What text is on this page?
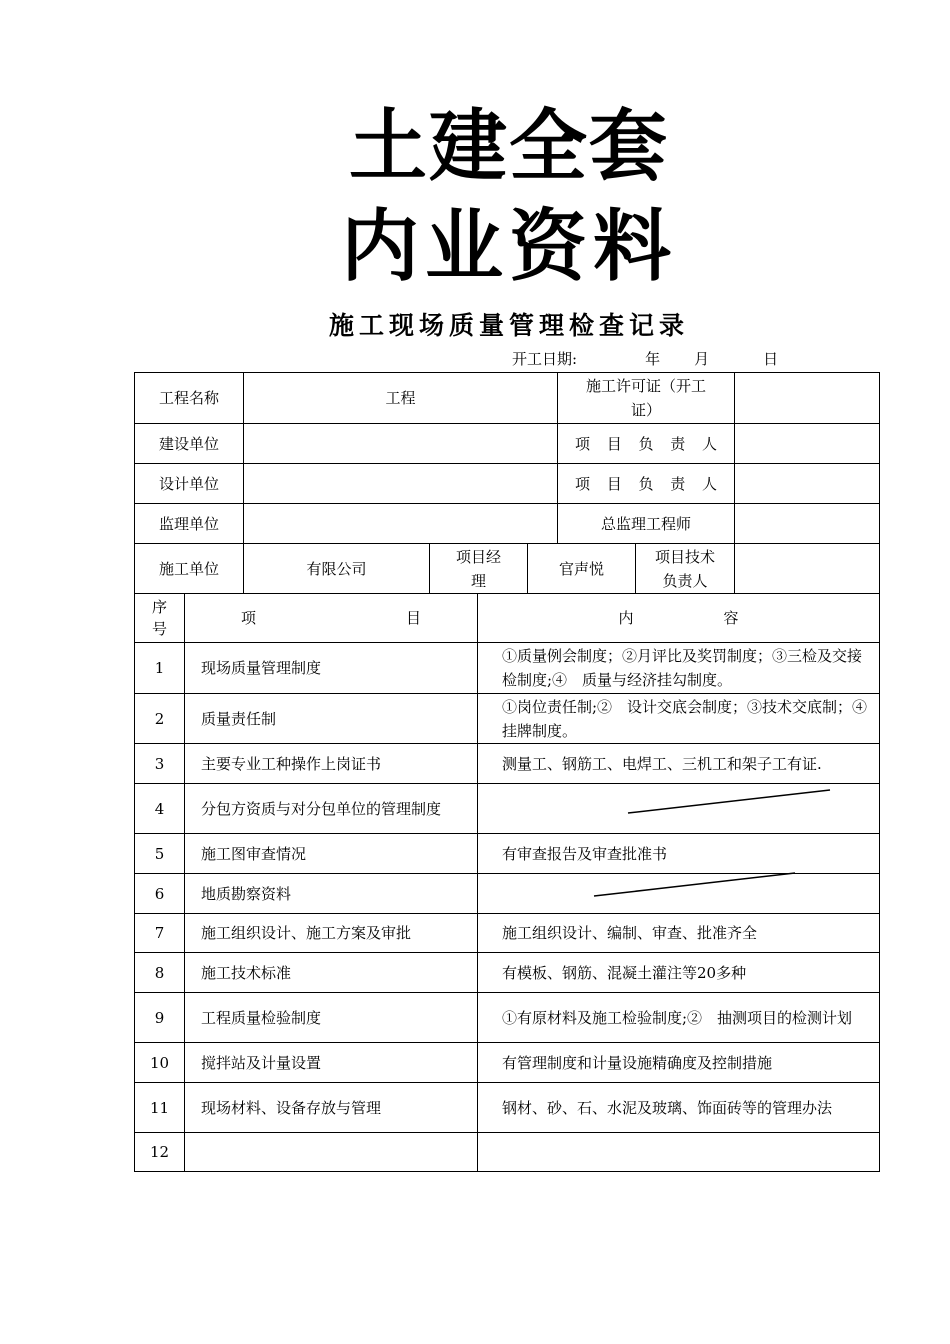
土建全套
内业资料
施工现场质量管理检查记录
开工日期:	年 月	日
工程名称	工程			施工许可证（开工证）		
建设单位				项 目 负 责 人		
设计单位				项 目 负 责 人		
监理单位				总监理工程师		
施工单位	有限公司	项目经理	官声悦		项目技术负责人	
序号	项　　　　　　　　　　目	内　　　　　　容
1	现场质量管理制度	①质量例会制度；②月评比及奖罚制度；③三检及交接检制度;④　质量与经济挂勾制度。
2	质量责任制	①岗位责任制;②　设计交底会制度；③技术交底制；④挂牌制度。
3	主要专业工种操作上岗证书	测量工、钢筋工、电焊工、三机工和架子工有证.
4	分包方资质与对分包单位的管理制度	
5	施工图审查情况	有审查报告及审查批准书
6	地质勘察资料	
7	施工组织设计、施工方案及审批	施工组织设计、编制、审查、批准齐全
8	施工技术标准	有模板、钢筋、混凝土灌注等20多种
9	工程质量检验制度	①有原材料及施工检验制度;②　抽测项目的检测计划
10	搅拌站及计量设置	有管理制度和计量设施精确度及控制措施
11	现场材料、设备存放与管理	钢材、砂、石、水泥及玻璃、饰面砖等的管理办法
12		
